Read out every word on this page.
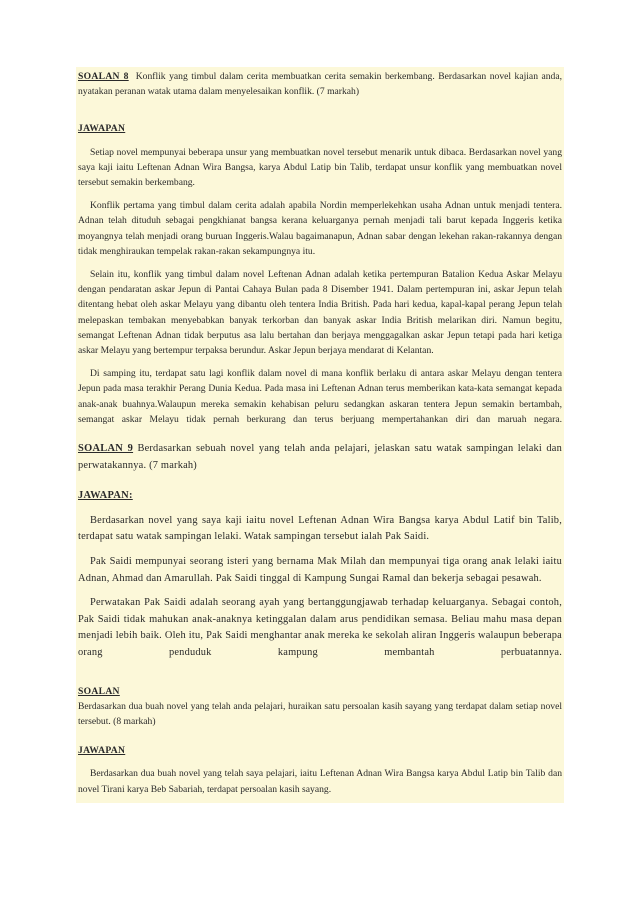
SOALAN 8 Konflik yang timbul dalam cerita membuatkan cerita semakin berkembang. Berdasarkan novel kajian anda, nyatakan peranan watak utama dalam menyelesaikan konflik. (7 markah)

JAWAPAN

Setiap novel mempunyai beberapa unsur yang membuatkan novel tersebut menarik untuk dibaca. Berdasarkan novel yang saya kaji iaitu Leftenan Adnan Wira Bangsa, karya Abdul Latip bin Talib, terdapat unsur konflik yang membuatkan novel tersebut semakin berkembang.

Konflik pertama yang timbul dalam cerita adalah apabila Nordin memperlekehkan usaha Adnan untuk menjadi tentera. Adnan telah dituduh sebagai pengkhianat bangsa kerana keluarganya pernah menjadi tali barut kepada Inggeris ketika moyangnya telah menjadi orang buruan Inggeris.Walau bagaimanapun, Adnan sabar dengan lekehan rakan-rakannya dengan tidak menghiraukan tempelak rakan-rakan sekampungnya itu.

Selain itu, konflik yang timbul dalam novel Leftenan Adnan adalah ketika pertempuran Batalion Kedua Askar Melayu dengan pendaratan askar Jepun di Pantai Cahaya Bulan pada 8 Disember 1941. Dalam pertempuran ini, askar Jepun telah ditentang hebat oleh askar Melayu yang dibantu oleh tentera India British. Pada hari kedua, kapal-kapal perang Jepun telah melepaskan tembakan menyebabkan banyak terkorban dan banyak askar India British melarikan diri. Namun begitu, semangat Leftenan Adnan tidak berputus asa lalu bertahan dan berjaya menggagalkan askar Jepun tetapi pada hari ketiga askar Melayu yang bertempur terpaksa berundur. Askar Jepun berjaya mendarat di Kelantan.

Di samping itu, terdapat satu lagi konflik dalam novel di mana konflik berlaku di antara askar Melayu dengan tentera Jepun pada masa terakhir Perang Dunia Kedua. Pada masa ini Leftenan Adnan terus memberikan kata-kata semangat kepada anak-anak buahnya.Walaupun mereka semakin kehabisan peluru sedangkan askaran tentera Jepun semakin bertambah, semangat askar Melayu tidak pernah berkurang dan terus berjuang mempertahankan diri dan maruah negara.

SOALAN 9 Berdasarkan sebuah novel yang telah anda pelajari, jelaskan satu watak sampingan lelaki dan perwatakannya. (7 markah)

JAWAPAN:

Berdasarkan novel yang saya kaji iaitu novel Leftenan Adnan Wira Bangsa karya Abdul Latif bin Talib, terdapat satu watak sampingan lelaki. Watak sampingan tersebut ialah Pak Saidi.

Pak Saidi mempunyai seorang isteri yang bernama Mak Milah dan mempunyai tiga orang anak lelaki iaitu Adnan, Ahmad dan Amarullah. Pak Saidi tinggal di Kampung Sungai Ramal dan bekerja sebagai pesawah.

Perwatakan Pak Saidi adalah seorang ayah yang bertanggungjawab terhadap keluarganya. Sebagai contoh, Pak Saidi tidak mahukan anak-anaknya ketinggalan dalam arus pendidikan semasa. Beliau mahu masa depan menjadi lebih baik. Oleh itu, Pak Saidi menghantar anak mereka ke sekolah aliran Inggeris walaupun beberapa orang penduduk kampung membantah perbuatannya.

SOALAN

Berdasarkan dua buah novel yang telah anda pelajari, huraikan satu persoalan kasih sayang yang terdapat dalam setiap novel tersebut. (8 markah)

JAWAPAN

Berdasarkan dua buah novel yang telah saya pelajari, iaitu Leftenan Adnan Wira Bangsa karya Abdul Latip bin Talib dan novel Tirani karya Beb Sabariah, terdapat persoalan kasih sayang.
